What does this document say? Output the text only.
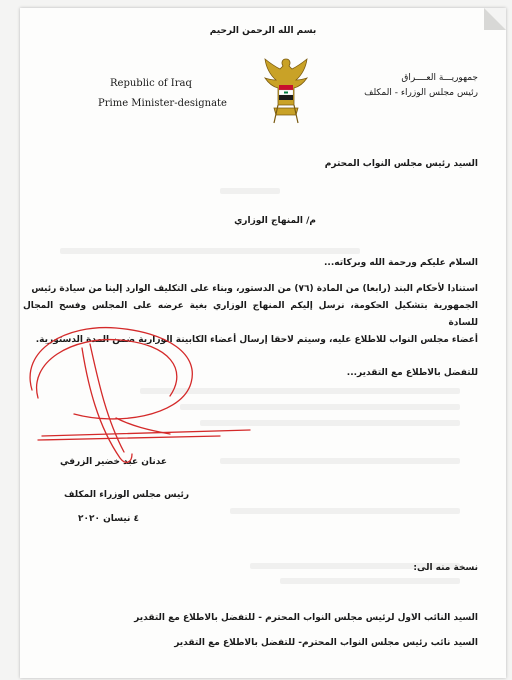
بسم الله الرحمن الرحيم
Republic of Iraq
Prime Minister-designate
جمهوريـــة العــــراق
رئيس مجلس الوزراء - المكلف
السيد رئيس مجلس النواب المحترم
م/ المنهاج الوزاري
السلام عليكم ورحمة الله وبركاته...
استنادا لأحكام البند (رابعا) من المادة (٧٦) من الدستور، وبناء على التكليف الوارد إلينا من سيادة رئيس
الجمهورية بتشكيل الحكومة، نرسل إليكم المنهاج الوزاري بغية عرضه على المجلس وفسح المجال للسادة
أعضاء مجلس النواب للاطلاع عليه، وسيتم لاحقا إرسال أعضاء الكابينة الوزارية ضمن المدة الدستورية.
للتفضل بالاطلاع مع التقدير...
عدنان عبد خضير الزرفي
رئيس مجلس الوزراء المكلف
٤ نيسان ٢٠٢٠
نسخة منه الى:
السيد النائب الاول لرئيس مجلس النواب المحترم - للتفضل بالاطلاع مع التقدير
السيد نائب رئيس مجلس النواب المحترم- للتفضل بالاطلاع مع التقدير
